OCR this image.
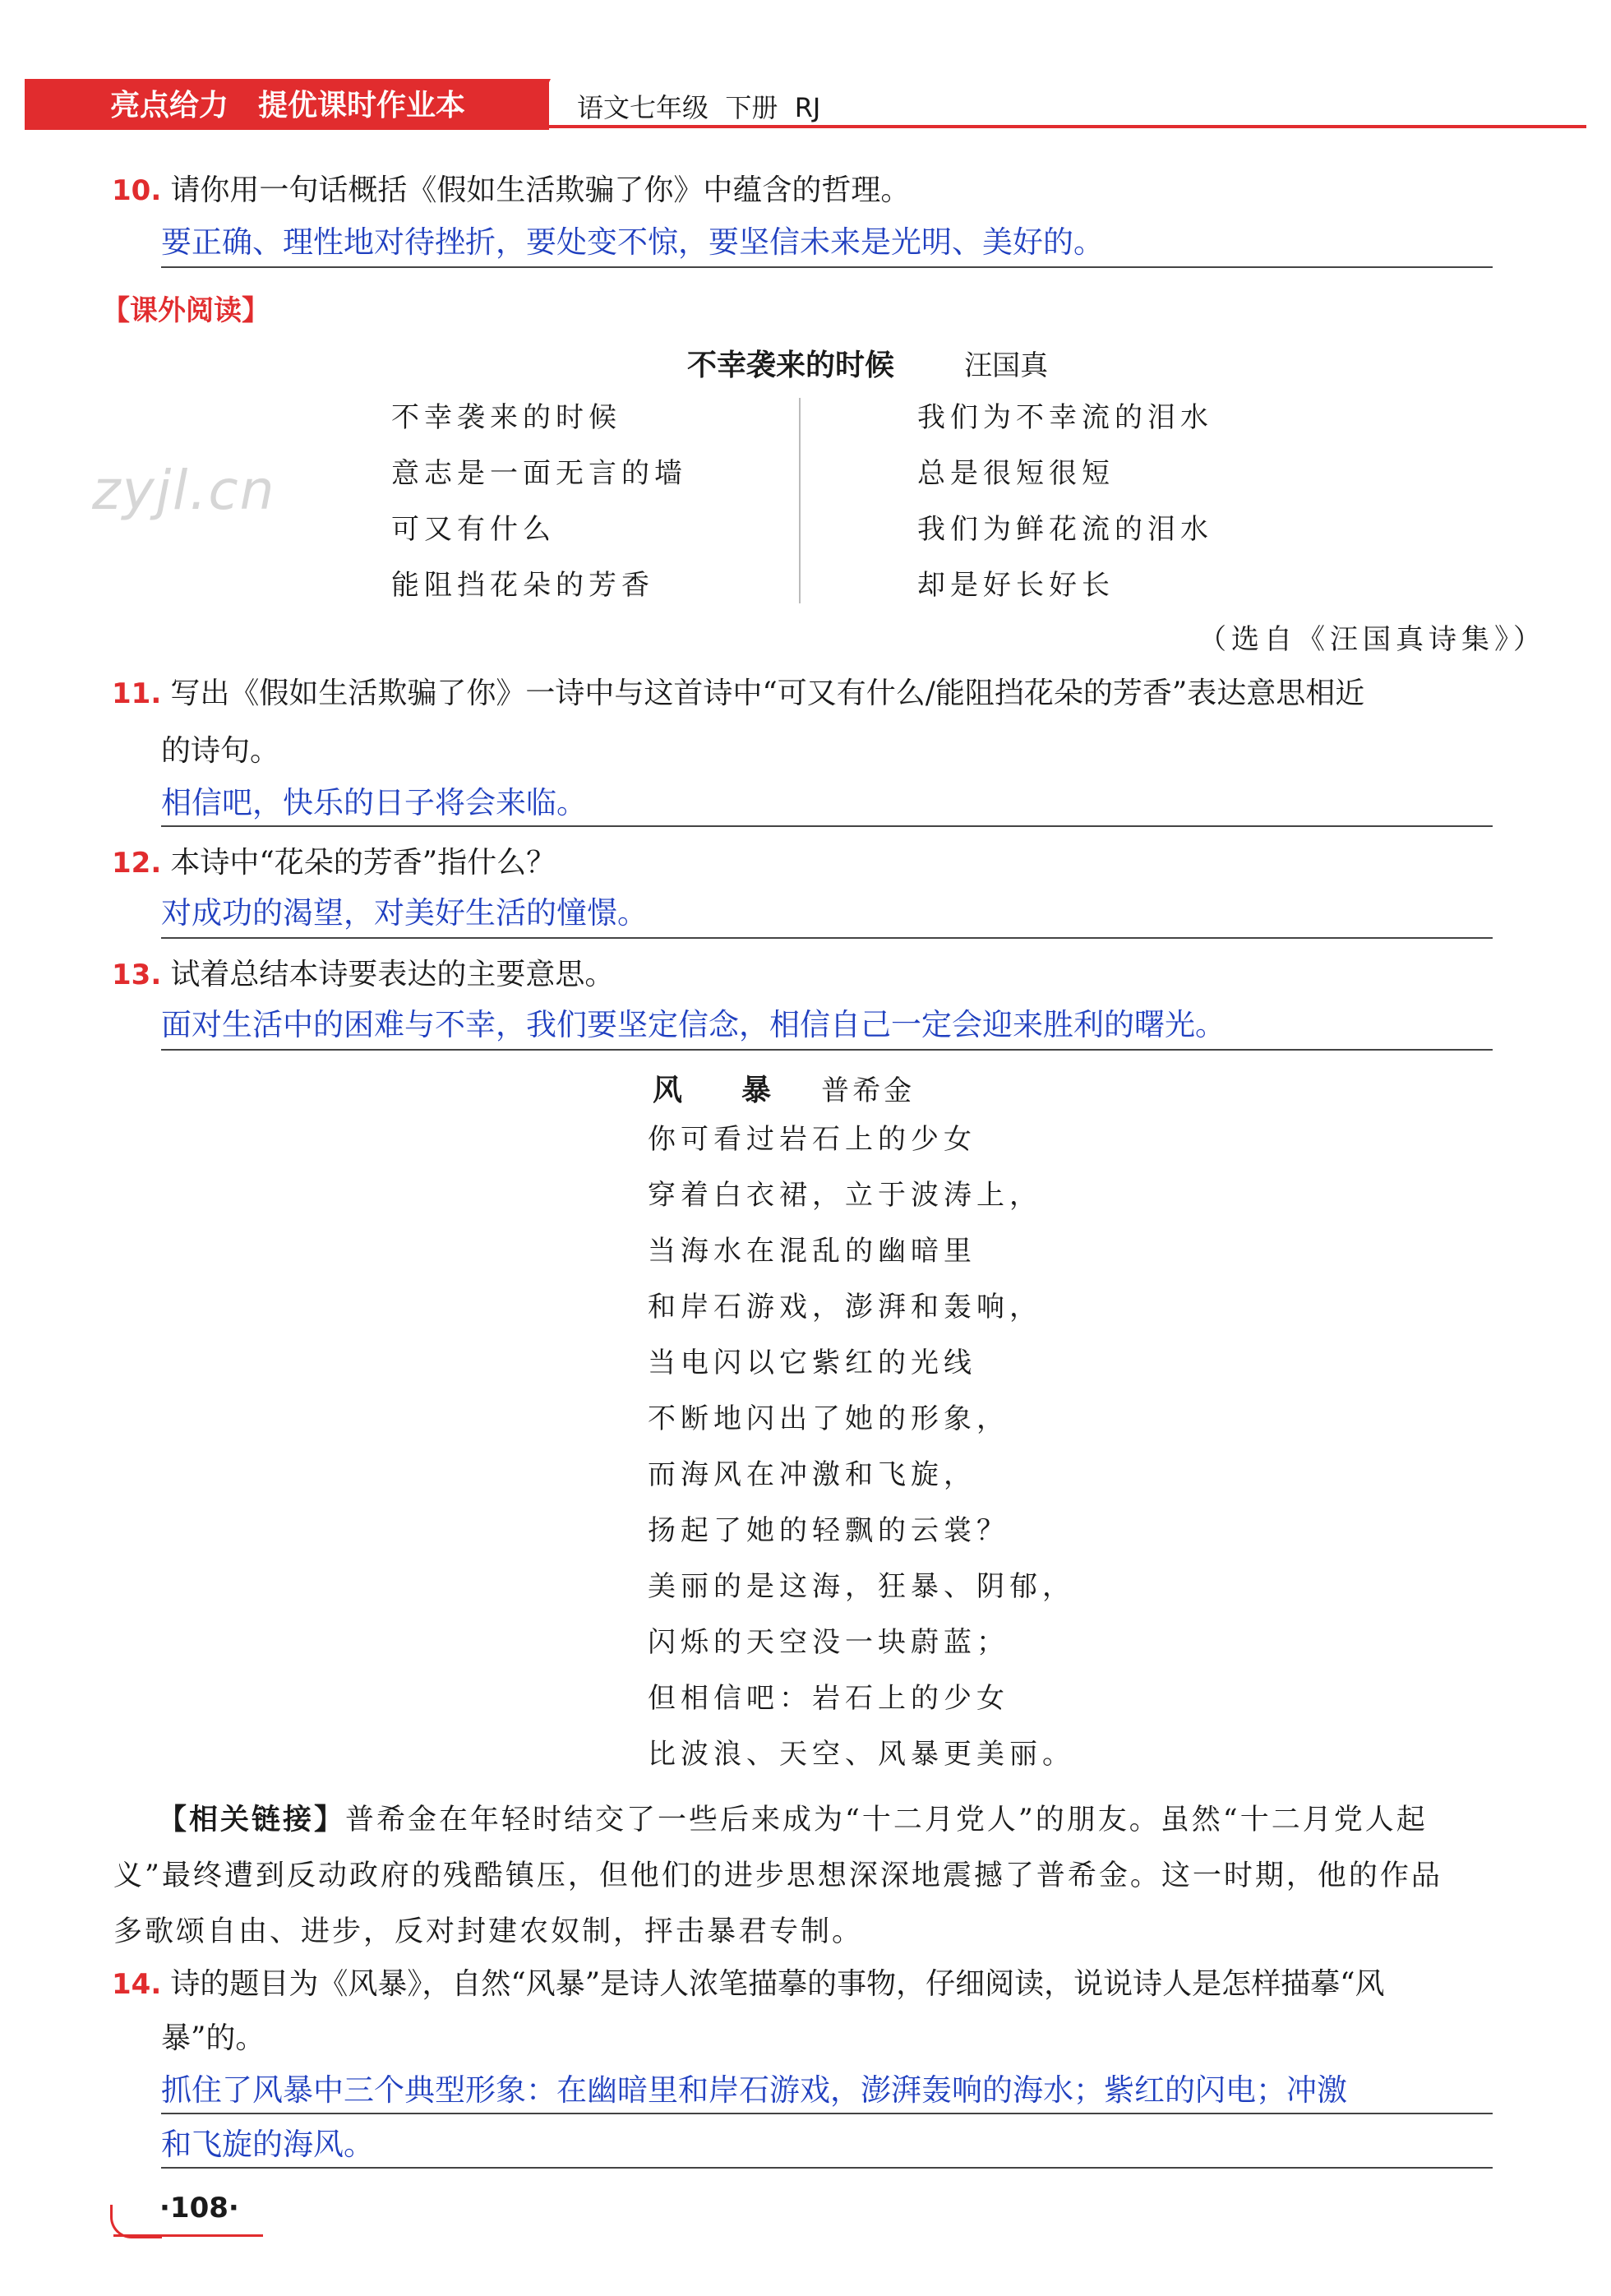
亮点给力 提优课时作业本	语文七年级  下册  RJ
10. 请你用一句话概括《假如生活欺骗了你》中蕴含的哲理。
要正确、理性地对待挫折，要处变不惊，要坚信未来是光明、美好的。
【课外阅读】
不幸袭来的时候	汪国真
zyjl.cn
不幸袭来的时候
意志是一面无言的墙
可又有什么
能阻挡花朵的芳香
我们为不幸流的泪水
总是很短很短
我们为鲜花流的泪水
却是好长好长
（选自《汪国真诗集》）
11. 写出《假如生活欺骗了你》一诗中与这首诗中“可又有什么/能阻挡花朵的芳香”表达意思相近
的诗句。
相信吧，快乐的日子将会来临。
12. 本诗中“花朵的芳香”指什么？
对成功的渴望，对美好生活的憧憬。
13. 试着总结本诗要表达的主要意思。
面对生活中的困难与不幸，我们要坚定信念，相信自己一定会迎来胜利的曙光。
风　　暴 普希金
你可看过岩石上的少女
穿着白衣裙，立于波涛上，
当海水在混乱的幽暗里
和岸石游戏，澎湃和轰响，
当电闪以它紫红的光线
不断地闪出了她的形象，
而海风在冲激和飞旋，
扬起了她的轻飘的云裳？
美丽的是这海，狂暴、阴郁，
闪烁的天空没一块蔚蓝；
但相信吧：岩石上的少女
比波浪、天空、风暴更美丽。
【相关链接】普希金在年轻时结交了一些后来成为“十二月党人”的朋友。虽然“十二月党人起
义”最终遭到反动政府的残酷镇压，但他们的进步思想深深地震撼了普希金。这一时期，他的作品
多歌颂自由、进步，反对封建农奴制，抨击暴君专制。
14. 诗的题目为《风暴》，自然“风暴”是诗人浓笔描摹的事物，仔细阅读，说说诗人是怎样描摹“风
暴”的。
抓住了风暴中三个典型形象：在幽暗里和岸石游戏，澎湃轰响的海水；紫红的闪电；冲激
和飞旋的海风。
·108·
